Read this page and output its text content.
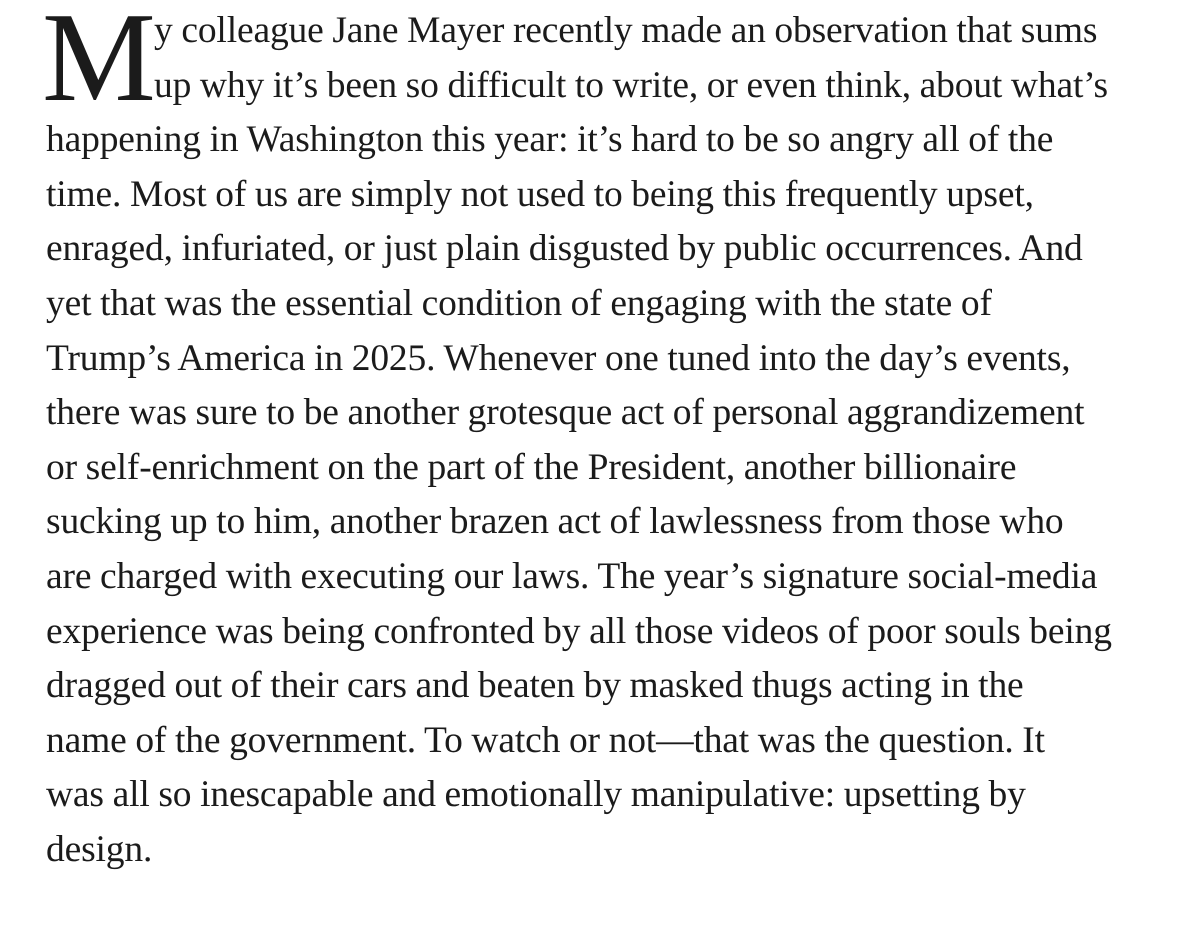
M
y colleague Jane Mayer recently made an observation that sums
up why it’s been so difficult to write, or even think, about what’s
happening in Washington this year: it’s hard to be so angry all of the
time. Most of us are simply not used to being this frequently upset,
enraged, infuriated, or just plain disgusted by public occurrences. And
yet that was the essential condition of engaging with the state of
Trump’s America in 2025. Whenever one tuned into the day’s events,
there was sure to be another grotesque act of personal aggrandizement
or self-enrichment on the part of the President, another billionaire
sucking up to him, another brazen act of lawlessness from those who
are charged with executing our laws. The year’s signature social-media
experience was being confronted by all those videos of poor souls being
dragged out of their cars and beaten by masked thugs acting in the
name of the government. To watch or not—that was the question. It
was all so inescapable and emotionally manipulative: upsetting by
design.
